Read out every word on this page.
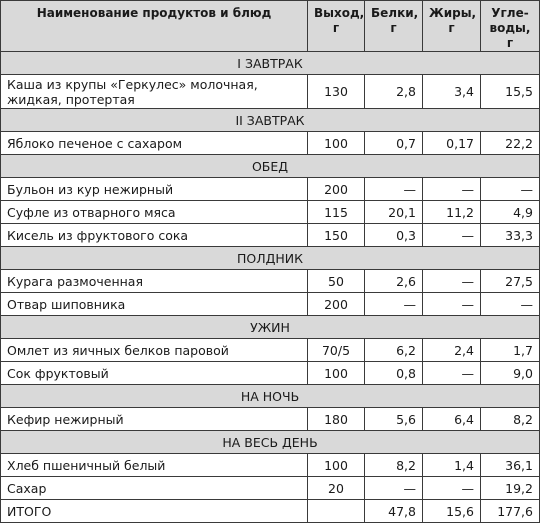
Наименование продуктов и блюд	Выход, г	Белки, г	Жиры, г	Угле- воды, г
I ЗАВТРАК				
Каша из крупы «Геркулес» молочная, жидкая, протертая	130	2,8	3,4	15,5
II ЗАВТРАК				
Яблоко печеное с сахаром	100	0,7	0,17	22,2
ОБЕД				
Бульон из кур нежирный	200	—	—	—
Суфле из отварного мяса	115	20,1	11,2	4,9
Кисель из фруктового сока	150	0,3	—	33,3
ПОЛДНИК				
Курага размоченная	50	2,6	—	27,5
Отвар шиповника	200	—	—	—
УЖИН				
Омлет из яичных белков паровой	70/5	6,2	2,4	1,7
Сок фруктовый	100	0,8	—	9,0
НА НОЧЬ				
Кефир нежирный	180	5,6	6,4	8,2
НА ВЕСЬ ДЕНЬ				
Хлеб пшеничный белый	100	8,2	1,4	36,1
Сахар	20	—	—	19,2
ИТОГО		47,8	15,6	177,6
